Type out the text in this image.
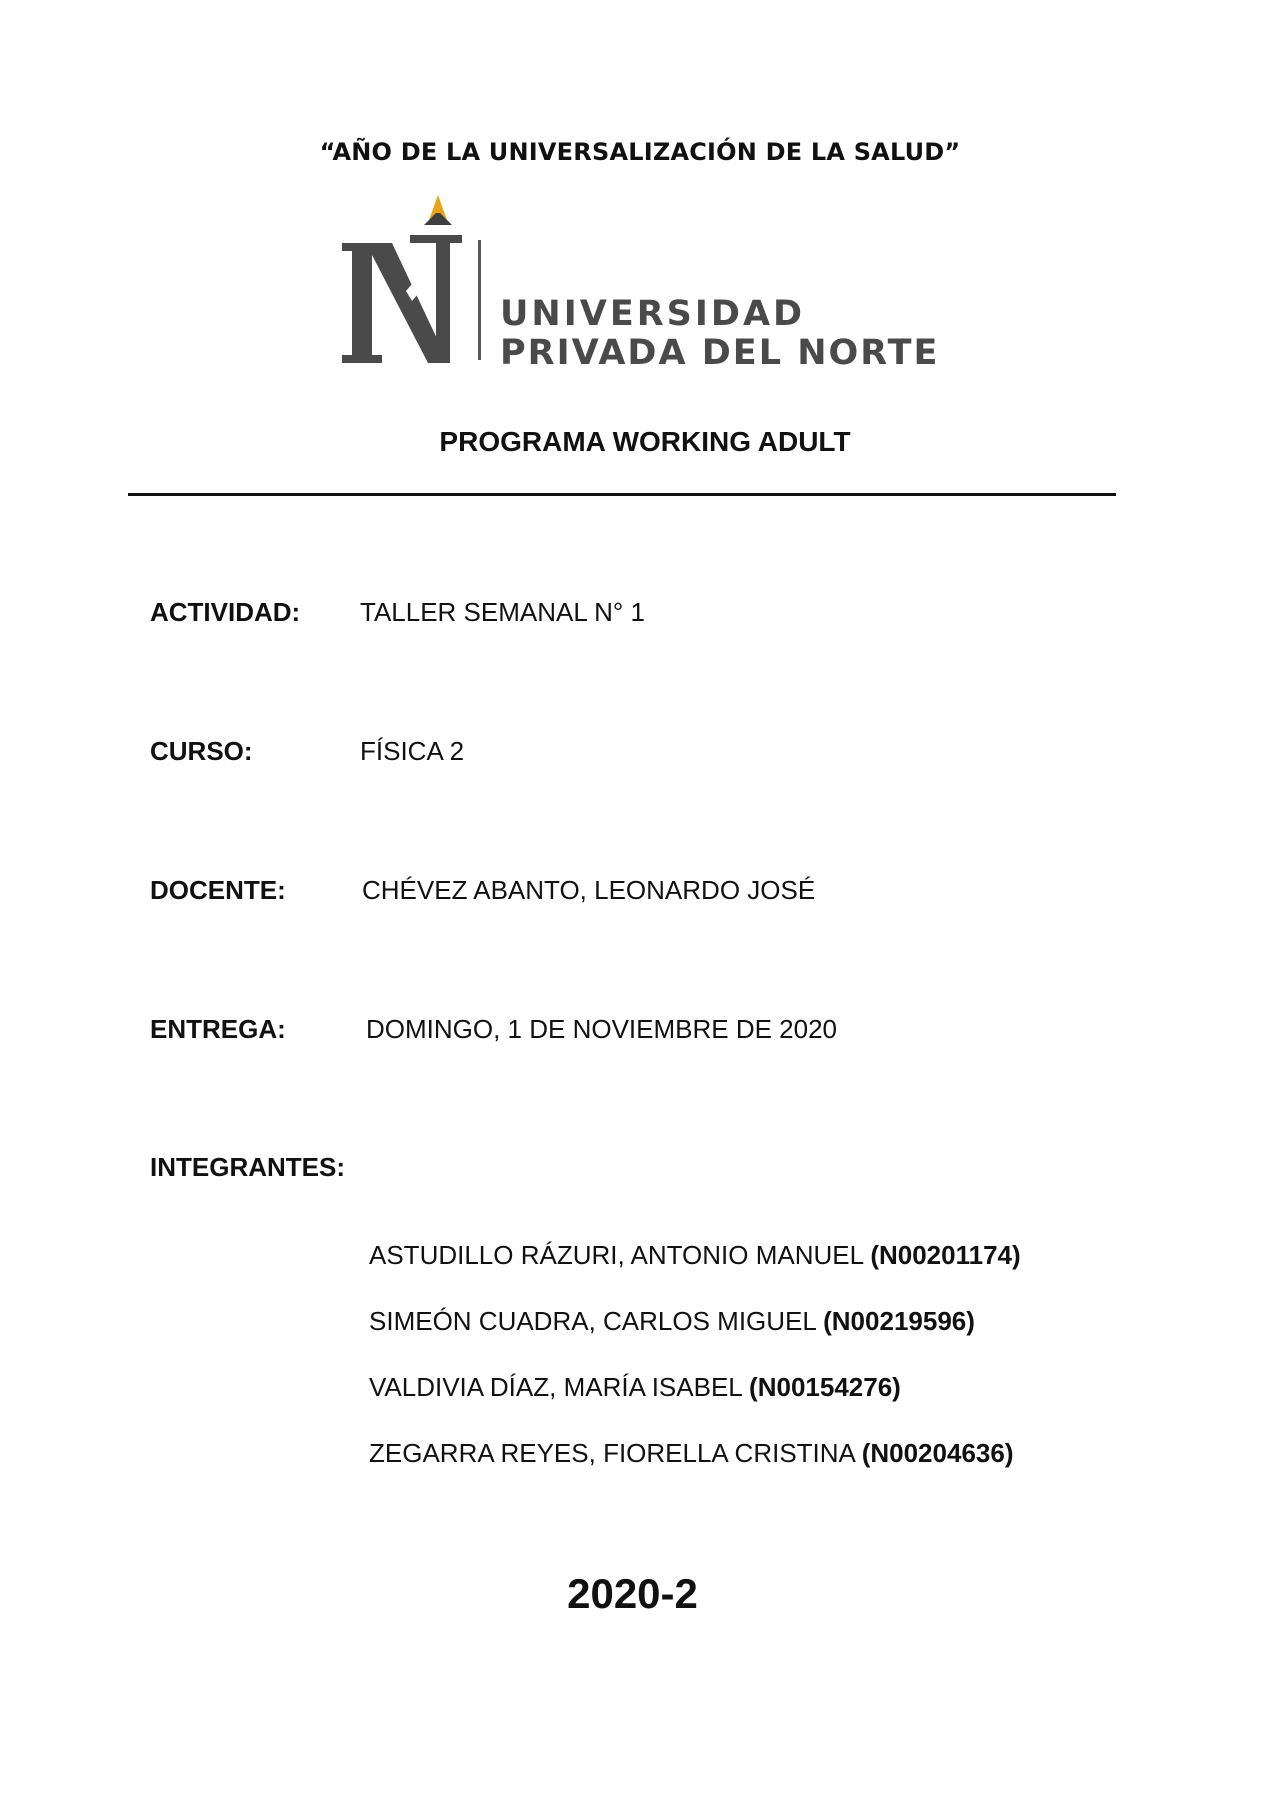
“AÑO DE LA UNIVERSALIZACIÓN DE LA SALUD”
UNIVERSIDAD
PRIVADA DEL NORTE
PROGRAMA WORKING ADULT
ACTIVIDAD: TALLER SEMANAL N° 1
CURSO:	FÍSICA 2
DOCENTE:	CHÉVEZ ABANTO, LEONARDO JOSÉ
ENTREGA:	DOMINGO, 1 DE NOVIEMBRE DE 2020
INTEGRANTES:
ASTUDILLO RÁZURI, ANTONIO MANUEL (N00201174)
SIMEÓN CUADRA, CARLOS MIGUEL (N00219596)
VALDIVIA DÍAZ, MARÍA ISABEL (N00154276)
ZEGARRA REYES, FIORELLA CRISTINA (N00204636)
2020-2
